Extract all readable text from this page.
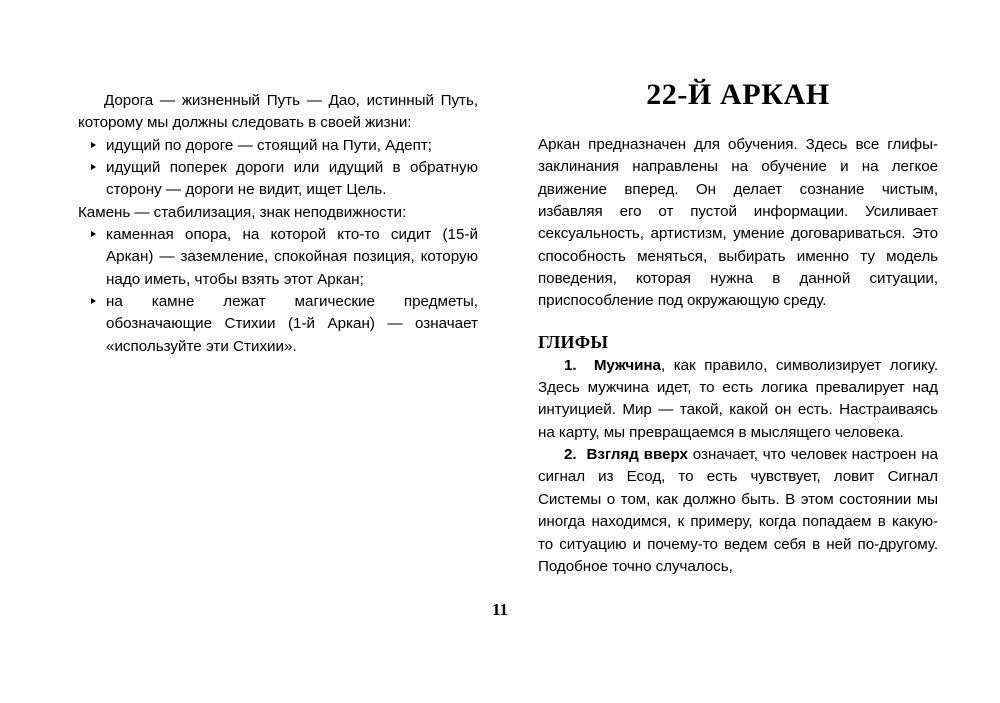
Дорога — жизненный Путь — Дао, истинный Путь, которому мы должны следовать в своей жизни:

идущий по дороге — стоящий на Пути, Адепт;
идущий поперек дороги или идущий в обратную сторону — дороги не видит, ищет Цель.

Камень — стабилизация, знак неподвижности:

каменная опора, на которой кто-то сидит (15-й Аркан) — заземление, спокойная позиция, которую надо иметь, чтобы взять этот Аркан;
на камне лежат магические предметы, обозначающие Стихии (1-й Аркан) — означает «используйте эти Стихии».
22-Й АРКАН

Аркан предназначен для обучения. Здесь все глифы-заклинания направлены на обучение и на легкое движение вперед. Он делает сознание чистым, избавляя его от пустой информации. Усиливает сексуальность, артистизм, умение договариваться. Это способность меняться, выбирать именно ту модель поведения, которая нужна в данной ситуации, приспособление под окружающую среду.

ГЛИФЫ

1. Мужчина, как правило, символизирует логику. Здесь мужчина идет, то есть логика превалирует над интуицией. Мир — такой, какой он есть. Настраиваясь на карту, мы превращаемся в мыслящего человека.

2. Взгляд вверх означает, что человек настроен на сигнал из Есод, то есть чувствует, ловит Сигнал Системы о том, как должно быть. В этом состоянии мы иногда находимся, к примеру, когда попадаем в какую-то ситуацию и почему-то ведем себя в ней по-другому. Подобное точно случалось,

11
